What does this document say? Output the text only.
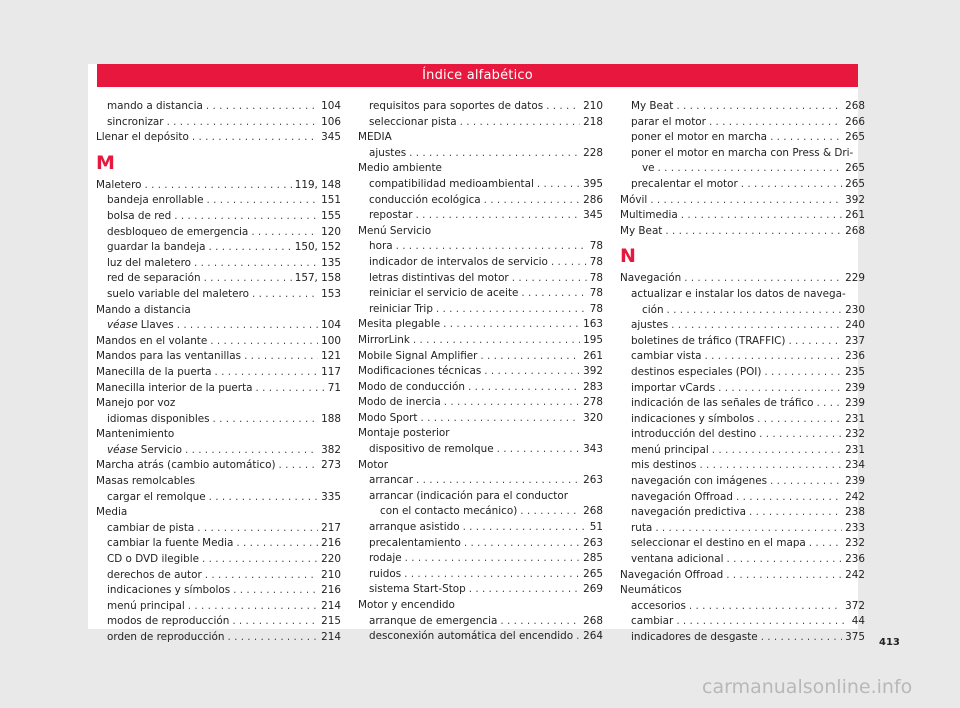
Índice alfabético
mando a distancia . . .	104
sincronizar . . .	106
Llenar el depósito . . .	345
M
Maletero . . .	119, 148
bandeja enrollable . . .	151
bolsa de red . . .	155
desbloqueo de emergencia . . .	120
guardar la bandeja . . .	150, 152
luz del maletero . . .	135
red de separación . . .	157, 158
suelo variable del maletero . . .	153
Mando a distancia
véase Llaves . . .	104
Mandos en el volante . . .	100
Mandos para las ventanillas . . .	121
Manecilla de la puerta . . .	117
Manecilla interior de la puerta . . .	71
Manejo por voz
idiomas disponibles . . .	188
Mantenimiento
véase Servicio . . .	382
Marcha atrás (cambio automático) . . .	273
Masas remolcables
cargar el remolque . . .	335
Media
cambiar de pista . . .	217
cambiar la fuente Media . . .	216
CD o DVD ilegible . . .	220
derechos de autor . . .	210
indicaciones y símbolos . . .	216
menú principal . . .	214
modos de reproducción . . .	215
orden de reproducción . . .	214
requisitos para soportes de datos . . .	210
seleccionar pista . . .	218
MEDIA
ajustes . . .	228
Medio ambiente
compatibilidad medioambiental . . .	395
conducción ecológica . . .	286
repostar . . .	345
Menú Servicio
hora . . .	78
indicador de intervalos de servicio . . .	78
letras distintivas del motor . . .	78
reiniciar el servicio de aceite . . .	78
reiniciar Trip . . .	78
Mesita plegable . . .	163
MirrorLink . . .	195
Mobile Signal Amplifier . . .	261
Modificaciones técnicas . . .	392
Modo de conducción . . .	283
Modo de inercia . . .	278
Modo Sport . . .	320
Montaje posterior
dispositivo de remolque . . .	343
Motor
arrancar . . .	263
arrancar (indicación para el conductor
con el contacto mecánico) . . .	268
arranque asistido . . .	51
precalentamiento . . .	263
rodaje . . .	285
ruidos . . .	265
sistema Start-Stop . . .	269
Motor y encendido
arranque de emergencia . . .	268
desconexión automática del encendido . . . 264
My Beat . . .	268
parar el motor . . .	266
poner el motor en marcha . . .	265
poner el motor en marcha con Press & Dri-
ve . . .	265
precalentar el motor . . .	265
Móvil . . .	392
Multimedia . . .	261
My Beat . . .	268
N
Navegación . . .	229
actualizar e instalar los datos de navega-
ción . . .	230
ajustes . . .	240
boletines de tráfico (TRAFFIC) . . .	237
cambiar vista . . .	236
destinos especiales (POI) . . .	235
importar vCards . . .	239
indicación de las señales de tráfico . . .	239
indicaciones y símbolos . . .	231
introducción del destino . . .	232
menú principal . . .	231
mis destinos . . .	234
navegación con imágenes . . .	239
navegación Offroad . . .	242
navegación predictiva . . .	238
ruta . . .	233
seleccionar el destino en el mapa . . .	232
ventana adicional . . .	236
Navegación Offroad . . .	242
Neumáticos
accesorios . . .	372
cambiar . . .	44
indicadores de desgaste . . .	375 413
carmanualsonline.info
